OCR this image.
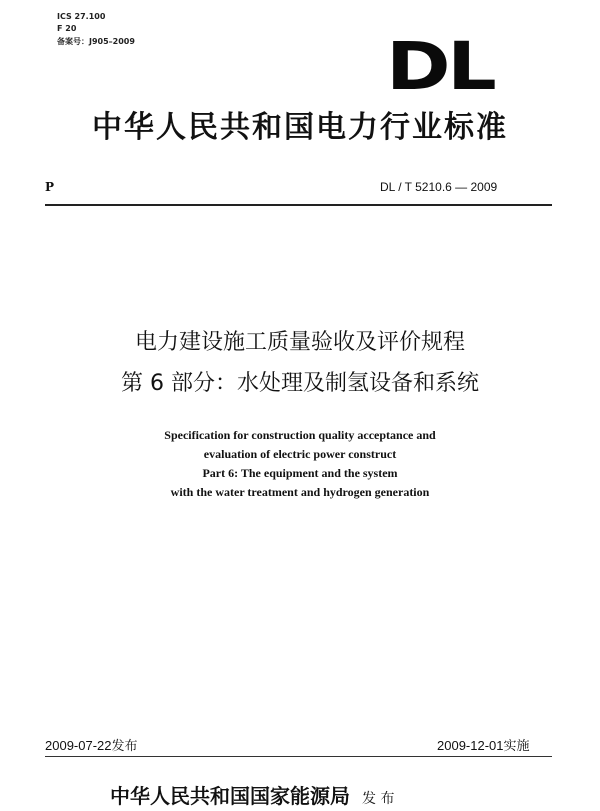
ICS 27.100
F 20
备案号：J905–2009	DL
中华人民共和国电力行业标准
P	DL / T 5210.6 — 2009
电力建设施工质量验收及评价规程
第 6 部分：水处理及制氢设备和系统
Specification for construction quality acceptance and
evaluation of electric power construct
Part 6: The equipment and the system
with the water treatment and hydrogen generation
2009-07-22发布	2009-12-01实施
中华人民共和国国家能源局 发 布
